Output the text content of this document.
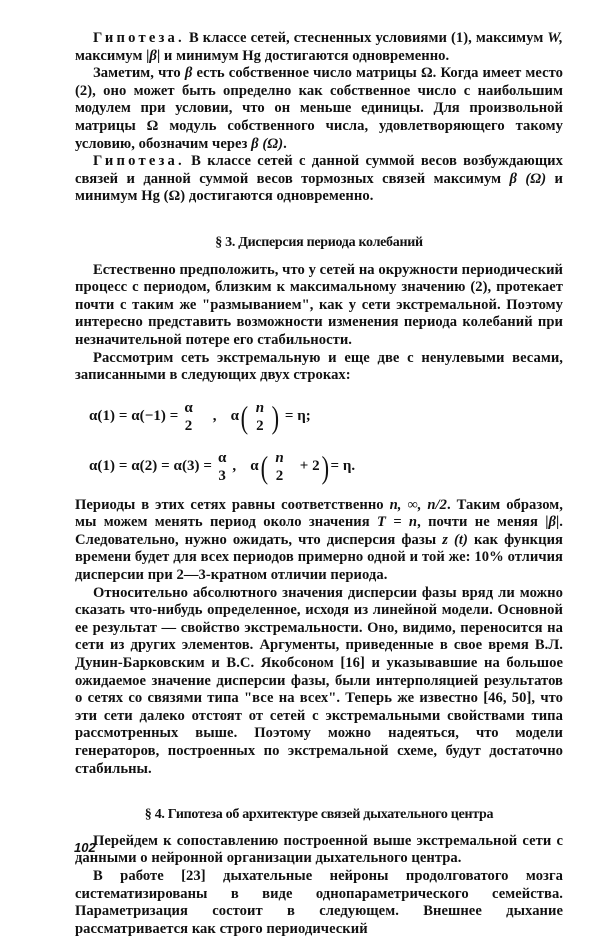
Гипотеза. В классе сетей, стесненных условиями (1), максимум W, максимум |β| и минимум Hg достигаются одновременно.

Заметим, что β есть собственное число матрицы Ω. Когда имеет место (2), оно может быть определно как собственное число с наибольшим модулем при условии, что он меньше единицы. Для произвольной матрицы Ω модуль собственного числа, удовлетворяющего такому условию, обозначим через β (Ω).

Гипотеза. В классе сетей с данной суммой весов возбуждающих связей и данной суммой весов тормозных связей максимум β (Ω) и минимум Hg (Ω) достигаются одновременно.

§ 3. Дисперсия периода колебаний

Естественно предположить, что у сетей на окружности периодический процесс с периодом, близким к максимальному значению (2), протекает почти с таким же "размыванием", как у сети экстремальной. Поэтому интересно представить возможности изменения периода колебаний при незначительной потере его стабильности.

Рассмотрим сеть экстремальную и еще две с ненулевыми весами, записанными в следующих двух строках:

α(1) = α(−1) =
α
2
, α ( n
2 ) = η;
α(1) = α(2) = α(3) =
α
3
, α ( n
2
+ 2 ) = η.

Периоды в этих сетях равны соответственно n, ∞, n/2. Таким образом, мы можем менять период около значения T = n, почти не меняя |β|. Следовательно, нужно ожидать, что дисперсия фазы z (t) как функция времени будет для всех периодов примерно одной и той же: 10% отличия дисперсии при 2—3-кратном отличии периода.

Относительно абсолютного значения дисперсии фазы вряд ли можно сказать что-нибудь определенное, исходя из линейной модели. Основной ее результат — свойство экстремальности. Оно, видимо, переносится на сети из других элементов. Аргументы, приведенные в свое время В.Л. Дунин-Барковским и В.С. Якобсоном [16] и указывавшие на большое ожидаемое значение дисперсии фазы, были интерполяцией результатов о сетях со связями типа "все на всех". Теперь же известно [46, 50], что эти сети далеко отстоят от сетей с экстремальными свойствами типа рассмотренных выше. Поэтому можно надеяться, что модели генераторов, построенных по экстремальной схеме, будут достаточно стабильны.

§ 4. Гипотеза об архитектуре связей дыхательного центра

Перейдем к сопоставлению построенной выше экстремальной сети с данными о нейронной организации дыхательного центра.

В работе [23] дыхательные нейроны продолговатого мозга систематизированы в виде однопараметрического семейства. Параметризация состоит в следующем. Внешнее дыхание рассматривается как строго периодический

102
